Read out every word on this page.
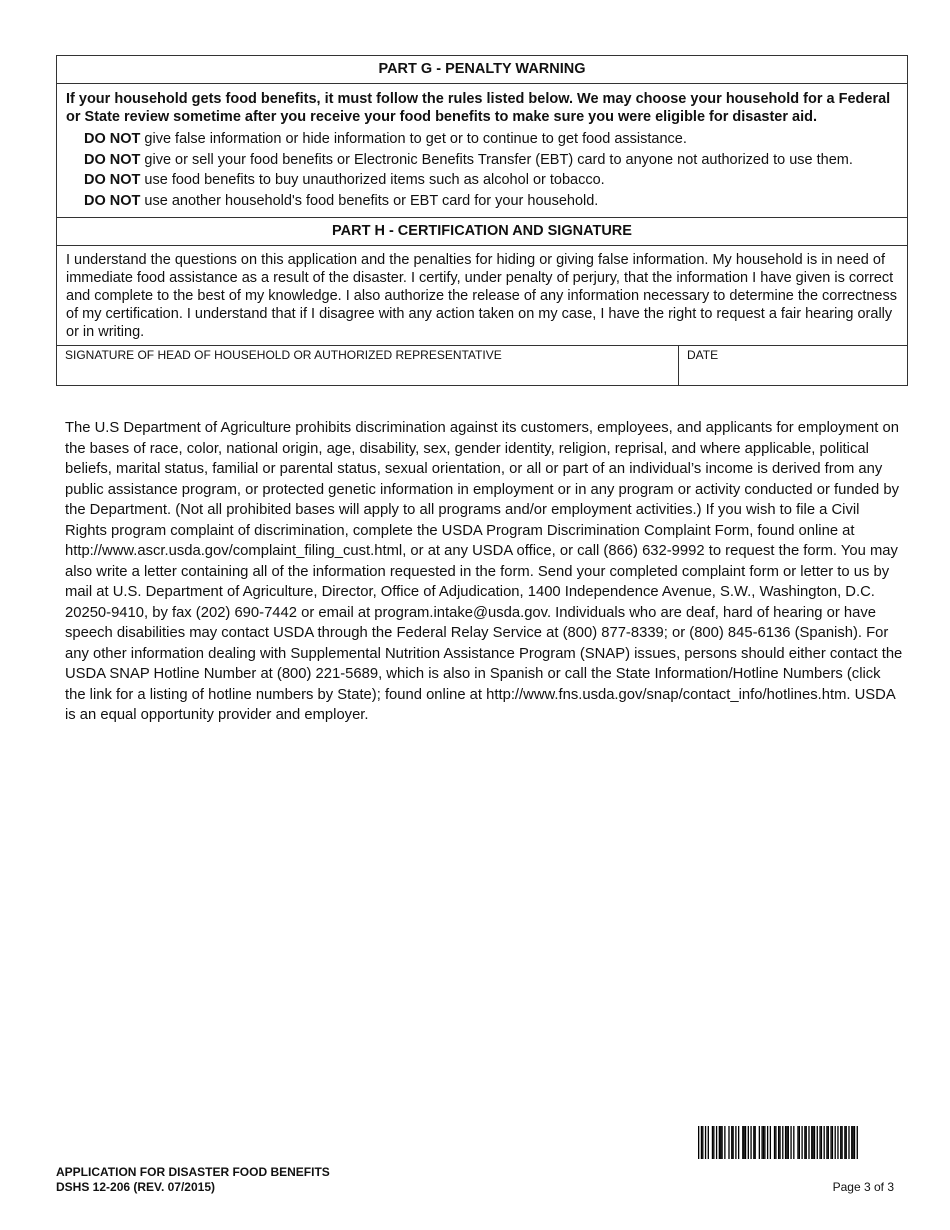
PART G - PENALTY WARNING
If your household gets food benefits, it must follow the rules listed below. We may choose your household for a Federal or State review sometime after you receive your food benefits to make sure you were eligible for disaster aid.
DO NOT give false information or hide information to get or to continue to get food assistance.
DO NOT give or sell your food benefits or Electronic Benefits Transfer (EBT) card to anyone not authorized to use them.
DO NOT use food benefits to buy unauthorized items such as alcohol or tobacco.
DO NOT use another household's food benefits or EBT card for your household.
PART H - CERTIFICATION AND SIGNATURE
I understand the questions on this application and the penalties for hiding or giving false information. My household is in need of immediate food assistance as a result of the disaster. I certify, under penalty of perjury, that the information I have given is correct and complete to the best of my knowledge. I also authorize the release of any information necessary to determine the correctness of my certification. I understand that if I disagree with any action taken on my case, I have the right to request a fair hearing orally or in writing.
SIGNATURE OF HEAD OF HOUSEHOLD OR AUTHORIZED REPRESENTATIVE	DATE
The U.S Department of Agriculture prohibits discrimination against its customers, employees, and applicants for employment on the bases of race, color, national origin, age, disability, sex, gender identity, religion, reprisal, and where applicable, political beliefs, marital status, familial or parental status, sexual orientation, or all or part of an individual’s income is derived from any public assistance program, or protected genetic information in employment or in any program or activity conducted or funded by the Department. (Not all prohibited bases will apply to all programs and/or employment activities.) If you wish to file a Civil Rights program complaint of discrimination, complete the USDA Program Discrimination Complaint Form, found online at http://www.ascr.usda.gov/complaint_filing_cust.html, or at any USDA office, or call (866) 632-9992 to request the form. You may also write a letter containing all of the information requested in the form. Send your completed complaint form or letter to us by mail at U.S. Department of Agriculture, Director, Office of Adjudication, 1400 Independence Avenue, S.W., Washington, D.C. 20250-9410, by fax (202) 690-7442 or email at program.intake@usda.gov. Individuals who are deaf, hard of hearing or have speech disabilities may contact USDA through the Federal Relay Service at (800) 877-8339; or (800) 845-6136 (Spanish). For any other information dealing with Supplemental Nutrition Assistance Program (SNAP) issues, persons should either contact the USDA SNAP Hotline Number at (800) 221-5689, which is also in Spanish or call the State Information/Hotline Numbers (click the link for a listing of hotline numbers by State); found online at http://www.fns.usda.gov/snap/contact_info/hotlines.htm. USDA is an equal opportunity provider and employer.
APPLICATION FOR DISASTER FOOD BENEFITS
DSHS 12-206 (REV. 07/2015)	Page 3 of 3
